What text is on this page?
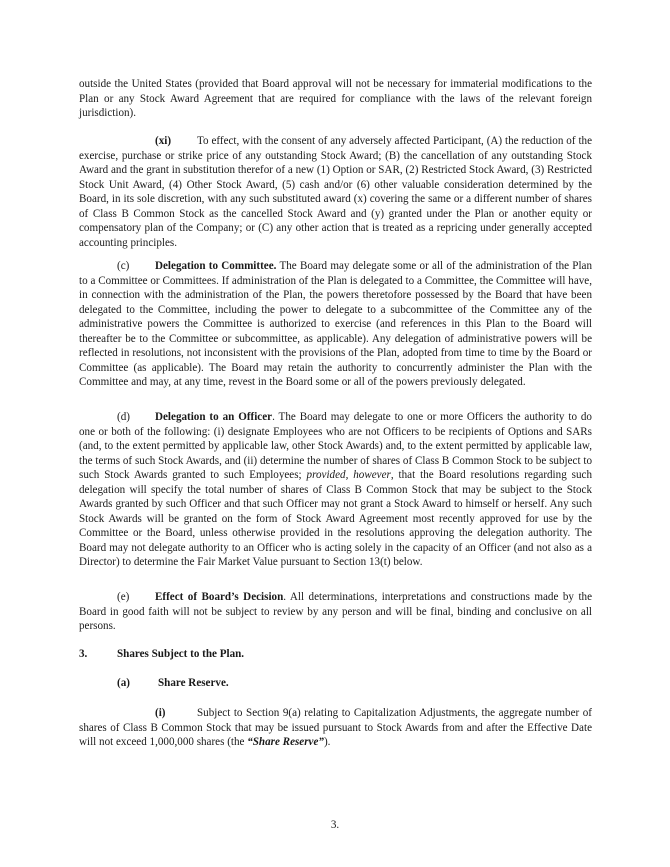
outside the United States (provided that Board approval will not be necessary for immaterial modifications to the Plan or any Stock Award Agreement that are required for compliance with the laws of the relevant foreign jurisdiction).

(xi) To effect, with the consent of any adversely affected Participant, (A) the reduction of the exercise, purchase or strike price of any outstanding Stock Award; (B) the cancellation of any outstanding Stock Award and the grant in substitution therefor of a new (1) Option or SAR, (2) Restricted Stock Award, (3) Restricted Stock Unit Award, (4) Other Stock Award, (5) cash and/or (6) other valuable consideration determined by the Board, in its sole discretion, with any such substituted award (x) covering the same or a different number of shares of Class B Common Stock as the cancelled Stock Award and (y) granted under the Plan or another equity or compensatory plan of the Company; or (C) any other action that is treated as a repricing under generally accepted accounting principles.

(c) Delegation to Committee. The Board may delegate some or all of the administration of the Plan to a Committee or Committees. If administration of the Plan is delegated to a Committee, the Committee will have, in connection with the administration of the Plan, the powers theretofore possessed by the Board that have been delegated to the Committee, including the power to delegate to a subcommittee of the Committee any of the administrative powers the Committee is authorized to exercise (and references in this Plan to the Board will thereafter be to the Committee or subcommittee, as applicable). Any delegation of administrative powers will be reflected in resolutions, not inconsistent with the provisions of the Plan, adopted from time to time by the Board or Committee (as applicable). The Board may retain the authority to concurrently administer the Plan with the Committee and may, at any time, revest in the Board some or all of the powers previously delegated.

(d) Delegation to an Officer. The Board may delegate to one or more Officers the authority to do one or both of the following: (i) designate Employees who are not Officers to be recipients of Options and SARs (and, to the extent permitted by applicable law, other Stock Awards) and, to the extent permitted by applicable law, the terms of such Stock Awards, and (ii) determine the number of shares of Class B Common Stock to be subject to such Stock Awards granted to such Employees; provided, however, that the Board resolutions regarding such delegation will specify the total number of shares of Class B Common Stock that may be subject to the Stock Awards granted by such Officer and that such Officer may not grant a Stock Award to himself or herself. Any such Stock Awards will be granted on the form of Stock Award Agreement most recently approved for use by the Committee or the Board, unless otherwise provided in the resolutions approving the delegation authority. The Board may not delegate authority to an Officer who is acting solely in the capacity of an Officer (and not also as a Director) to determine the Fair Market Value pursuant to Section 13(t) below.

(e) Effect of Board’s Decision. All determinations, interpretations and constructions made by the Board in good faith will not be subject to review by any person and will be final, binding and conclusive on all persons.

3.	Shares Subject to the Plan.

(a)	Share Reserve.

(i)	Subject to Section 9(a) relating to Capitalization Adjustments, the aggregate number of shares of Class B Common Stock that may be issued pursuant to Stock Awards from and after the Effective Date will not exceed 1,000,000 shares (the “Share Reserve”).

3.
